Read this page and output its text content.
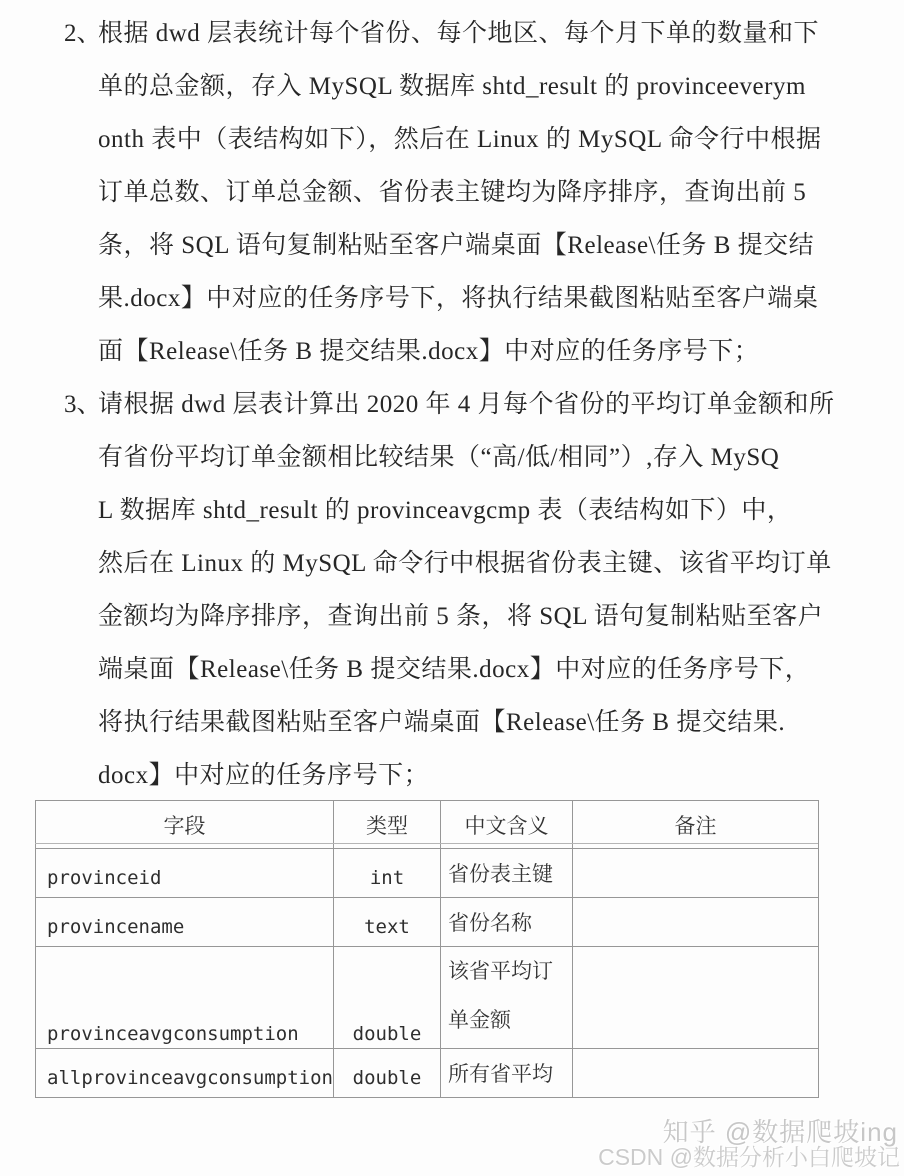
2、
根据 dwd 层表统计每个省份、每个地区、每个月下单的数量和下
单的总金额，存入 MySQL 数据库 shtd_result 的 provinceeverym
onth 表中（表结构如下），然后在 Linux 的 MySQL 命令行中根据
订单总数、订单总金额、省份表主键均为降序排序，查询出前 5
条，将 SQL 语句复制粘贴至客户端桌面【Release\任务 B 提交结
果.docx】中对应的任务序号下，将执行结果截图粘贴至客户端桌
面【Release\任务 B 提交结果.docx】中对应的任务序号下；
3、
请根据 dwd 层表计算出 2020 年 4 月每个省份的平均订单金额和所
有省份平均订单金额相比较结果（“高/低/相同”）,存入 MySQ
L 数据库 shtd_result 的 provinceavgcmp 表（表结构如下）中，
然后在 Linux 的 MySQL 命令行中根据省份表主键、该省平均订单
金额均为降序排序，查询出前 5 条，将 SQL 语句复制粘贴至客户
端桌面【Release\任务 B 提交结果.docx】中对应的任务序号下，
将执行结果截图粘贴至客户端桌面【Release\任务 B 提交结果.
docx】中对应的任务序号下；
字段	类型	中文含义	备注
provinceid	int	省份表主键	

provincename	text	省份名称	

provinceavgconsumption	double	该省平均订
单金额	

allprovinceavgconsumption	double	所有省平均	

知乎 @数据爬坡ing
CSDN @数据分析小白爬坡记
